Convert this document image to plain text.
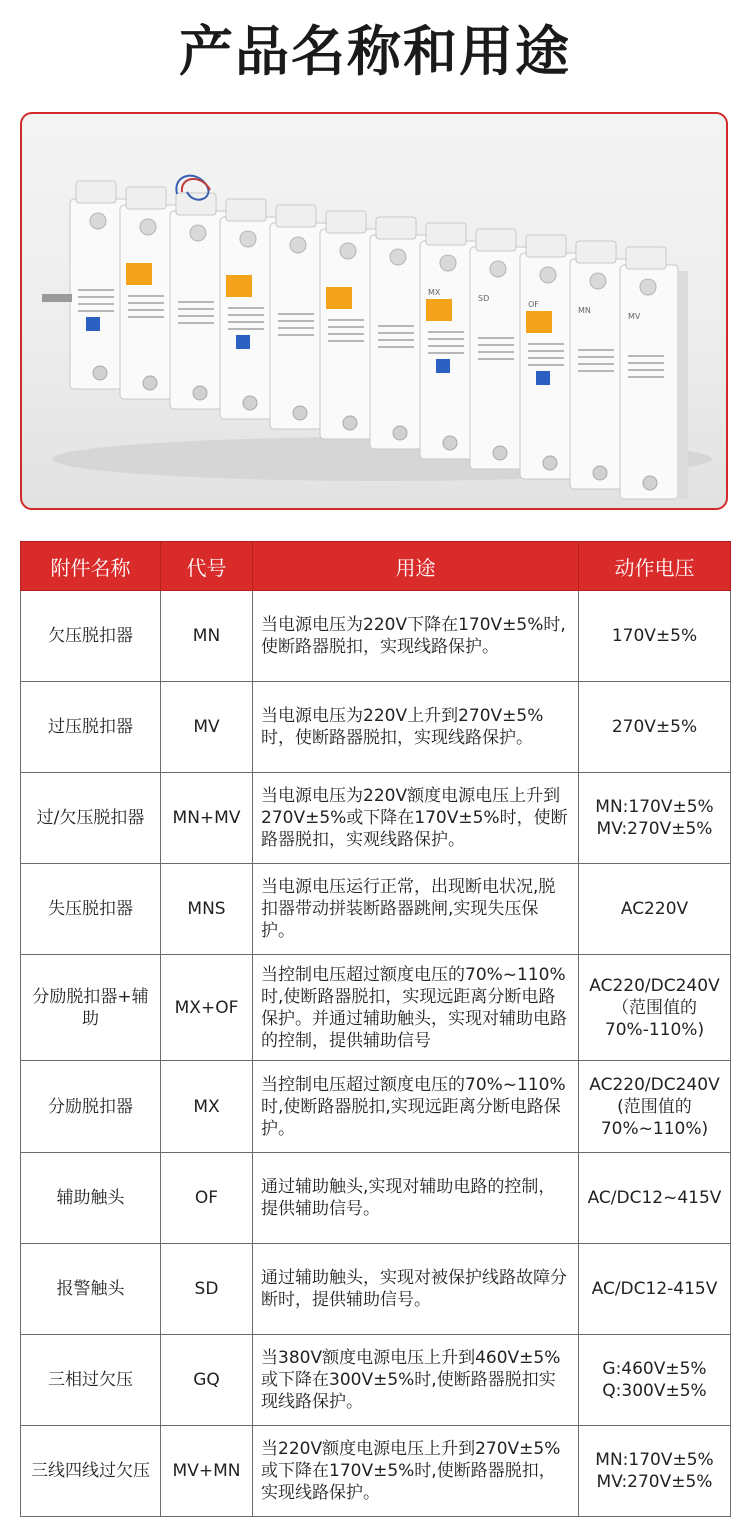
产品名称和用途
MX
SD
OF
MN
MV
附件名称	代号	用途	动作电压
欠压脱扣器	MN	当电源电压为220V下降在170V±5%时,使断路器脱扣，实现线路保护。	170V±5%
过压脱扣器	MV	当电源电压为220V上升到270V±5%时，使断路器脱扣，实现线路保护。	270V±5%
过/欠压脱扣器	MN+MV	当电源电压为220V额度电源电压上升到270V±5%或下降在170V±5%时，使断路器脱扣，实观线路保护。	MN:170V±5%
MV:270V±5%
失压脱扣器	MNS	当电源电压运行正常，出现断电状况,脱扣器带动拼装断路器跳闸,实现失压保护。	AC220V
分励脱扣器+辅助	MX+OF	当控制电压超过额度电压的70%~110%时,使断路器脱扣，实现远距离分断电路保护。并通过辅助触头，实现对辅助电路的控制，提供辅助信号	AC220/DC240V
（范围值的70%-110%)
分励脱扣器	MX	当控制电压超过额度电压的70%~110%时,使断路器脱扣,实现远距离分断电路保护。	AC220/DC240V
(范围值的70%~110%)
辅助触头	OF	通过辅助触头,实现对辅助电路的控制，提供辅助信号。	AC/DC12~415V
报警触头	SD	通过辅助触头，实现对被保护线路故障分断时，提供辅助信号。	AC/DC12-415V
三相过欠压	GQ	当380V额度电源电压上升到460V±5%或下降在300V±5%时,使断路器脱扣实现线路保护。	G:460V±5%
Q:300V±5%
三线四线过欠压	MV+MN	当220V额度电源电压上升到270V±5%或下降在170V±5%时,使断路器脱扣，实现线路保护。	MN:170V±5%
MV:270V±5%
